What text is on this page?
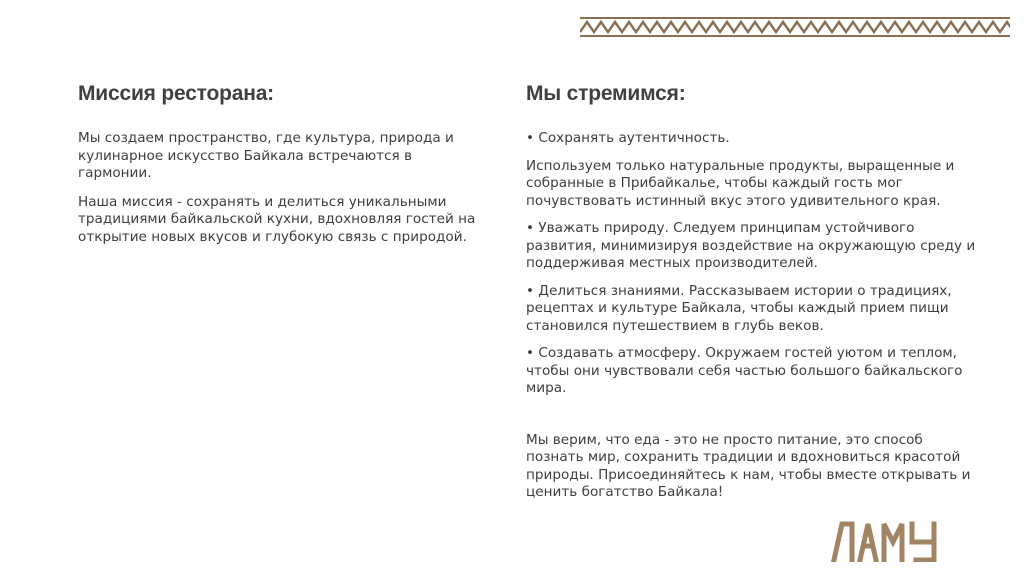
Миссия ресторана:

Мы создаем пространство, где культура, природа и
кулинарное искусство Байкала встречаются в
гармонии.

Наша миссия - сохранять и делиться уникальными
традициями байкальской кухни, вдохновляя гостей на
открытие новых вкусов и глубокую связь с природой.

Мы стремимся:

• Сохранять аутентичность.

Используем только натуральные продукты, выращенные и
собранные в Прибайкалье, чтобы каждый гость мог
почувствовать истинный вкус этого удивительного края.

• Уважать природу. Следуем принципам устойчивого
развития, минимизируя воздействие на окружающую среду и
поддерживая местных производителей.

• Делиться знаниями. Рассказываем истории о традициях,
рецептах и культуре Байкала, чтобы каждый прием пищи
становился путешествием в глубь веков.

• Создавать атмосферу. Окружаем гостей уютом и теплом,
чтобы они чувствовали себя частью большого байкальского
мира.

Мы верим, что еда - это не просто питание, это способ
познать мир, сохранить традиции и вдохновиться красотой
природы. Присоединяйтесь к нам, чтобы вместе открывать и
ценить богатство Байкала!
